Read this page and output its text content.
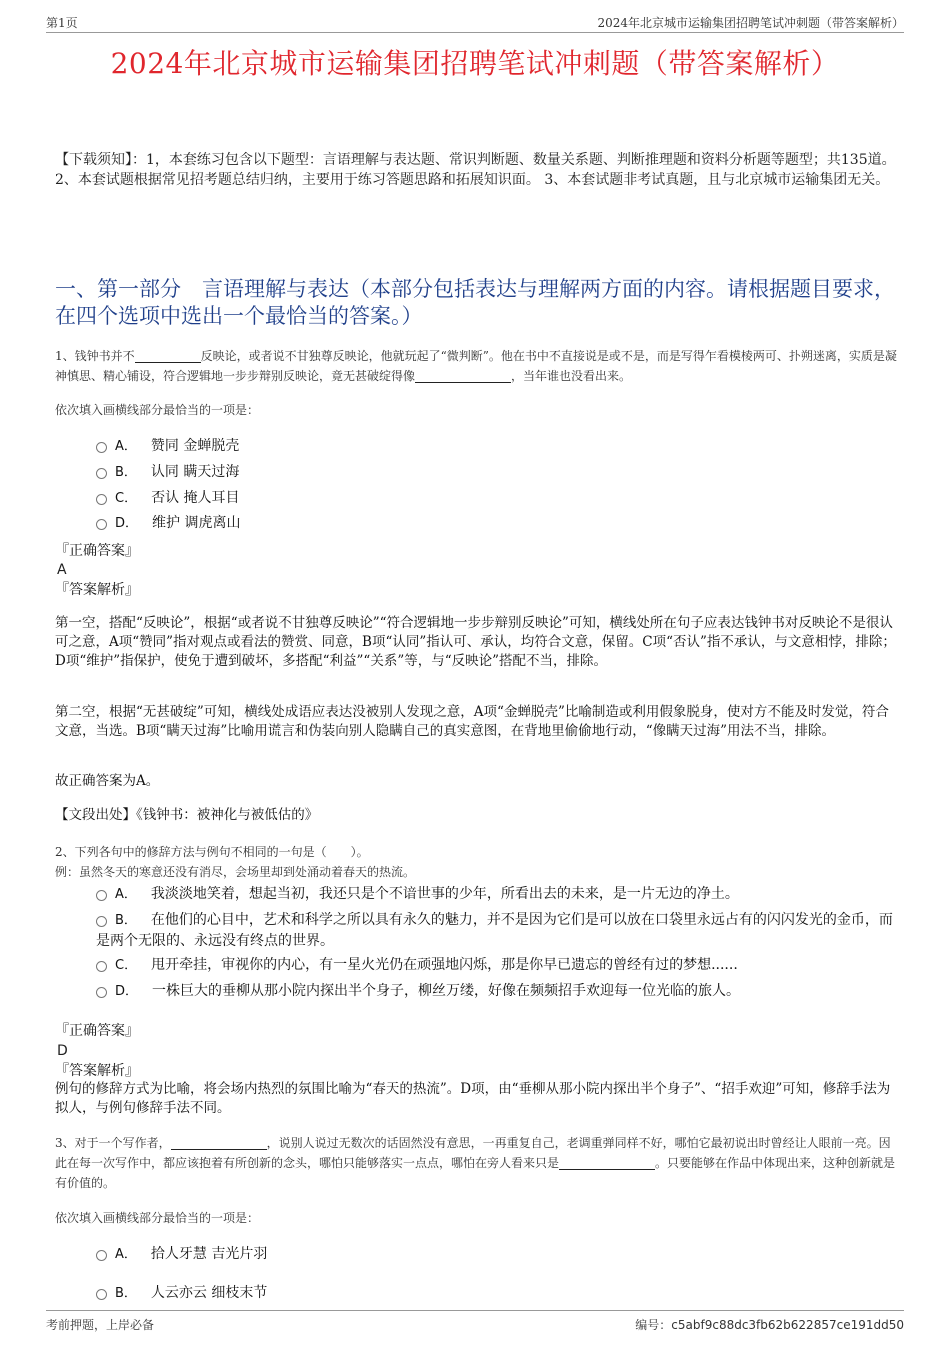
第1页	2024年北京城市运输集团招聘笔试冲刺题（带答案解析）
2024年北京城市运输集团招聘笔试冲刺题（带答案解析）
【下载须知】：1，本套练习包含以下题型：言语理解与表达题、常识判断题、数量关系题、判断推理题和资料分析题等题型；共135道。 2、本套试题根据常见招考题总结归纳，主要用于练习答题思路和拓展知识面。 3、本套试题非考试真题，且与北京城市运输集团无关。
一、第一部分　言语理解与表达（本部分包括表达与理解两方面的内容。请根据题目要求，在四个选项中选出一个最恰当的答案。）
1、钱钟书并不	反映论，或者说不甘独尊反映论，他就玩起了“微判断”。他在书中不直接说是或不是，而是写得乍看模棱两可、扑朔迷离，实质是凝神慎思、精心铺设，符合逻辑地一步步辩别反映论，竟无甚破绽得像	，当年谁也没看出来。
依次填入画横线部分最恰当的一项是：
A． 赞同 金蝉脱壳
B． 认同 瞒天过海
C． 否认 掩人耳目
D． 维护 调虎离山
『正确答案』
A
『答案解析』
第一空，搭配“反映论”，根据“或者说不甘独尊反映论”“符合逻辑地一步步辩别反映论”可知，横线处所在句子应表达钱钟书对反映论不是很认可之意，A项“赞同”指对观点或看法的赞赏、同意，B项“认同”指认可、承认，均符合文意，保留。C项“否认”指不承认，与文意相悖，排除；D项“维护”指保护，使免于遭到破坏，多搭配“利益”“关系”等，与“反映论”搭配不当，排除。
第二空，根据“无甚破绽”可知，横线处成语应表达没被别人发现之意，A项“金蝉脱壳”比喻制造或利用假象脱身，使对方不能及时发觉，符合文意，当选。B项“瞒天过海”比喻用谎言和伪装向别人隐瞒自己的真实意图，在背地里偷偷地行动，“像瞒天过海”用法不当，排除。
故正确答案为A。
【文段出处】《钱钟书：被神化与被低估的》
2、下列各句中的修辞方法与例句不相同的一句是（　　）。
例：虽然冬天的寒意还没有消尽，会场里却到处涌动着春天的热流。
A． 我淡淡地笑着，想起当初，我还只是个不谙世事的少年，所看出去的未来，是一片无边的净土。
B． 在他们的心目中，艺术和科学之所以具有永久的魅力，并不是因为它们是可以放在口袋里永远占有的闪闪发光的金币，而是两个无限的、永远没有终点的世界。
C． 甩开牵挂，审视你的内心，有一星火光仍在顽强地闪烁，那是你早已遗忘的曾经有过的梦想......
D． 一株巨大的垂柳从那小院内探出半个身子，柳丝万缕，好像在频频招手欢迎每一位光临的旅人。
『正确答案』
D
『答案解析』
例句的修辞方式为比喻，将会场内热烈的氛围比喻为“春天的热流”。D项，由“垂柳从那小院内探出半个身子”、“招手欢迎”可知，修辞手法为拟人，与例句修辞手法不同。
3、对于一个写作者，	，说别人说过无数次的话固然没有意思，一再重复自己，老调重弹同样不好，哪怕它最初说出时曾经让人眼前一亮。因此在每一次写作中，都应该抱着有所创新的念头，哪怕只能够落实一点点，哪怕在旁人看来只是	。只要能够在作品中体现出来，这种创新就是有价值的。
依次填入画横线部分最恰当的一项是：
A． 拾人牙慧 吉光片羽
B． 人云亦云 细枝末节
考前押题，上岸必备	编号：c5abf9c88dc3fb62b622857ce191dd50
